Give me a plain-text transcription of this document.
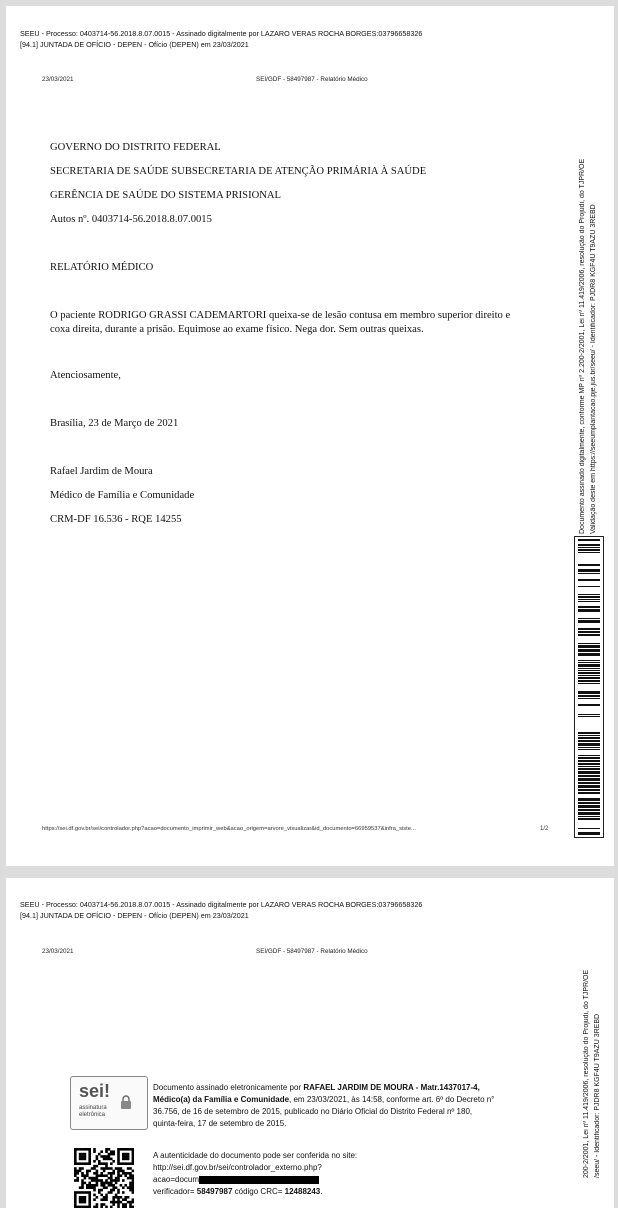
SEEU - Processo: 0403714-56.2018.8.07.0015 - Assinado digitalmente por LAZARO VERAS ROCHA BORGES:03796658326
[94.1] JUNTADA DE OFÍCIO - DEPEN - Ofício (DEPEN) em 23/03/2021
23/03/2021	SEI/GDF - 58497987 - Relatório Médico
GOVERNO DO DISTRITO FEDERAL
SECRETARIA DE SAÚDE SUBSECRETARIA DE ATENÇÃO PRIMÁRIA À SAÚDE
GERÊNCIA DE SAÚDE DO SISTEMA PRISIONAL
Autos nº. 0403714-56.2018.8.07.0015
RELATÓRIO MÉDICO
O paciente RODRIGO GRASSI CADEMARTORI queixa-se de lesão contusa em membro superior direito e
coxa direita, durante a prisão. Equimose ao exame físico. Nega dor. Sem outras queixas.
Atenciosamente,
Brasília, 23 de Março de 2021
Rafael Jardim de Moura
Médico de Família e Comunidade
CRM-DF 16.536 - RQE 14255
https://sei.df.gov.br/sei/controlador.php?acao=documento_imprimir_web&acao_origem=arvore_visualizar&id_documento=66959537&infra_siste...	1/2
Documento assinado digitalmente, conforme MP nº 2.200-2/2001, Lei nº 11.419/2006, resolução do Projudi, do TJPR/OE Validação deste em https://seeumplantacao.pje.jus.br/seeu/ - Identificador: PJDR8 KGF4U T9AZU 3REBD
SEEU - Processo: 0403714-56.2018.8.07.0015 - Assinado digitalmente por LAZARO VERAS ROCHA BORGES:03796658326
[94.1] JUNTADA DE OFÍCIO - DEPEN - Ofício (DEPEN) em 23/03/2021
23/03/2021	SEI/GDF - 58497987 - Relatório Médico
sei!
assinatura
eletrônica
Documento assinado eletronicamente por RAFAEL JARDIM DE MOURA - Matr.1437017-4,
Médico(a) da Família e Comunidade, em 23/03/2021, às 14:58, conforme art. 6º do Decreto n°
36.756, de 16 de setembro de 2015, publicado no Diário Oficial do Distrito Federal nº 180,
quinta-feira, 17 de setembro de 2015.
A autenticidade do documento pode ser conferida no site:
http://sei.df.gov.br/sei/controlador_externo.php?
acao=docum
verificador= 58497987 código CRC= 12488243.
200-2/2001, Lei nº 11.419/2006, resolução do Projudi, do TJPR/OE /seeu/ - Identificador: PJDR8 KGF4U T9AZU 3REBD
